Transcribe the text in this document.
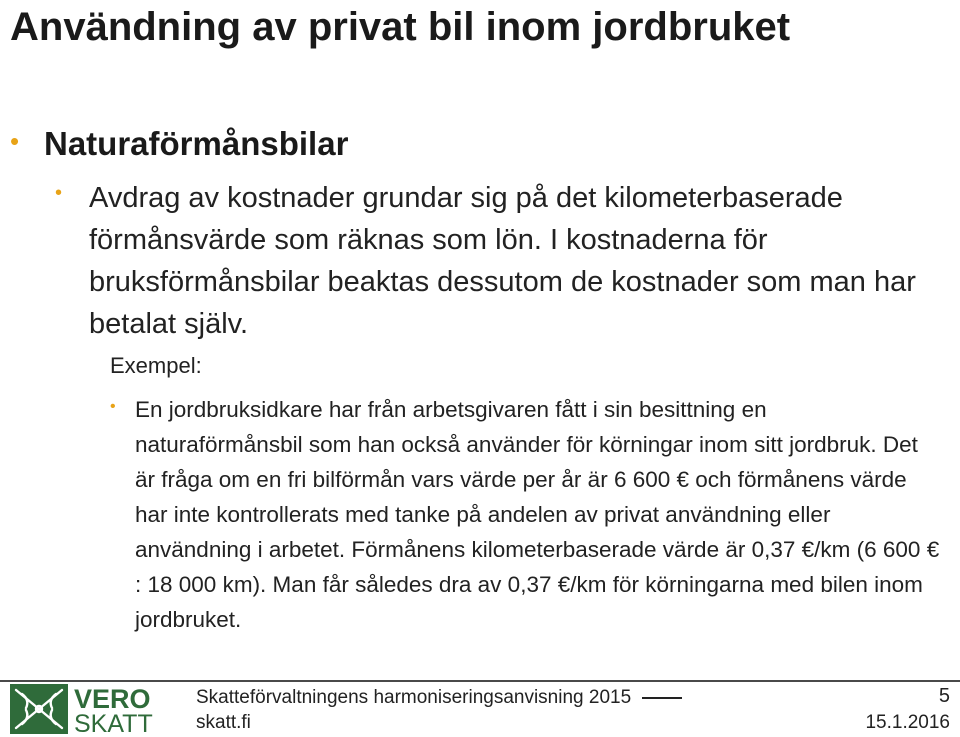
Användning av privat bil inom jordbruket
• Naturaförmånsbilar
• Avdrag av kostnader grundar sig på det kilometerbaserade förmånsvärde som räknas som lön. I kostnaderna för bruksförmånsbilar beaktas dessutom de kostnader som man har betalat själv.
Exempel:
• En jordbruksidkare har från arbetsgivaren fått i sin besittning en naturaförmånsbil som han också använder för körningar inom sitt jordbruk. Det är fråga om en fri bilförmån vars värde per år är 6 600 € och förmånens värde har inte kontrollerats med tanke på andelen av privat användning eller användning i arbetet. Förmånens kilometerbaserade värde är 0,37 €/km (6 600 € : 18 000 km). Man får således dra av 0,37 €/km för körningarna med bilen inom jordbruket.
VERO
SKATT
Skatteförvaltningens harmoniseringsanvisning 2015
skatt.fi
5
15.1.2016
